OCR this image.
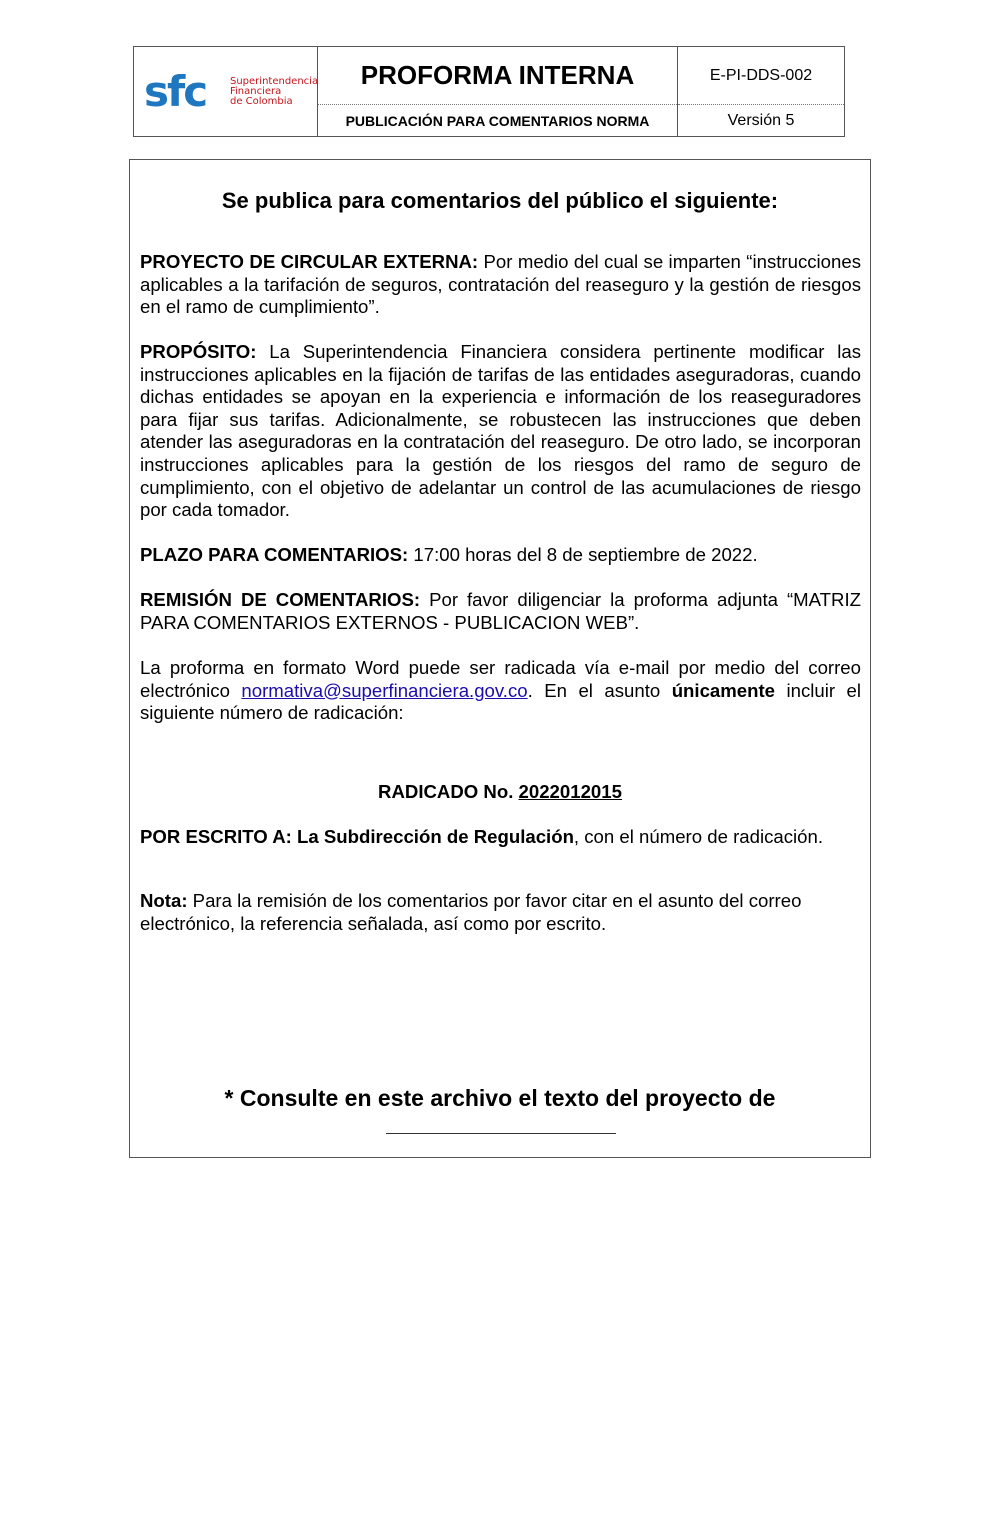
sfc Superintendencia
Financiera
de Colombia
PROFORMA INTERNA
PUBLICACIÓN PARA COMENTARIOS NORMA
E-PI-DDS-002
Versión 5
Se publica para comentarios del público el siguiente:
PROYECTO DE CIRCULAR EXTERNA: Por medio del cual se imparten “instrucciones aplicables a la tarifación de seguros, contratación del reaseguro y la gestión de riesgos en el ramo de cumplimiento”.
PROPÓSITO: La Superintendencia Financiera considera pertinente modificar las instrucciones aplicables en la fijación de tarifas de las entidades aseguradoras, cuando dichas entidades se apoyan en la experiencia e información de los reaseguradores para fijar sus tarifas. Adicionalmente, se robustecen las instrucciones que deben atender las aseguradoras en la contratación del reaseguro. De otro lado, se incorporan instrucciones aplicables para la gestión de los riesgos del ramo de seguro de cumplimiento, con el objetivo de adelantar un control de las acumulaciones de riesgo por cada tomador.
PLAZO PARA COMENTARIOS: 17:00 horas del 8 de septiembre de 2022.
REMISIÓN DE COMENTARIOS: Por favor diligenciar la proforma adjunta “MATRIZ PARA COMENTARIOS EXTERNOS - PUBLICACION WEB”.
La proforma en formato Word puede ser radicada vía e-mail por medio del correo electrónico normativa@superfinanciera.gov.co. En el asunto únicamente incluir el siguiente número de radicación:
RADICADO No. 2022012015
POR ESCRITO A: La Subdirección de Regulación, con el número de radicación.
Nota: Para la remisión de los comentarios por favor citar en el asunto del correo electrónico, la referencia señalada, así como por escrito.
* Consulte en este archivo el texto del proyecto de
